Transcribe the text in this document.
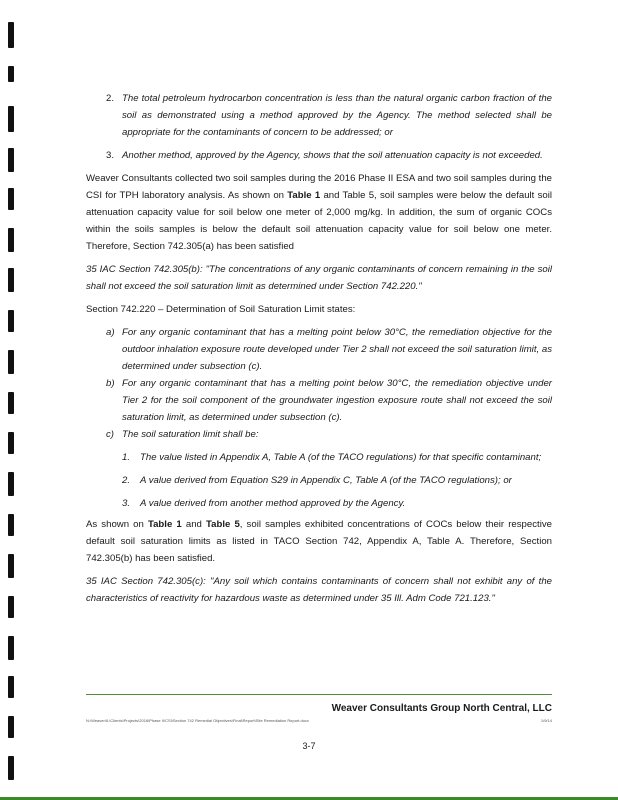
2. The total petroleum hydrocarbon concentration is less than the natural organic carbon fraction of the soil as demonstrated using a method approved by the Agency. The method selected shall be appropriate for the contaminants of concern to be addressed; or
3. Another method, approved by the Agency, shows that the soil attenuation capacity is not exceeded.

Weaver Consultants collected two soil samples during the 2016 Phase II ESA and two soil samples during the CSI for TPH laboratory analysis. As shown on Table 1 and Table 5, soil samples were below the default soil attenuation capacity value for soil below one meter of 2,000 mg/kg. In addition, the sum of organic COCs within the soils samples is below the default soil attenuation capacity value for soil below one meter. Therefore, Section 742.305(a) has been satisfied

35 IAC Section 742.305(b): "The concentrations of any organic contaminants of concern remaining in the soil shall not exceed the soil saturation limit as determined under Section 742.220."

Section 742.220 – Determination of Soil Saturation Limit states:

a) For any organic contaminant that has a melting point below 30°C, the remediation objective for the outdoor inhalation exposure route developed under Tier 2 shall not exceed the soil saturation limit, as determined under subsection (c).
b) For any organic contaminant that has a melting point below 30°C, the remediation objective under Tier 2 for the soil component of the groundwater ingestion exposure route shall not exceed the soil saturation limit, as determined under subsection (c).
c) The soil saturation limit shall be:
1.	The value listed in Appendix A, Table A (of the TACO regulations) for that specific contaminant;
2.	A value derived from Equation S29 in Appendix C, Table A (of the TACO regulations); or
3.	A value derived from another method approved by the Agency.

As shown on Table 1 and Table 5, soil samples exhibited concentrations of COCs below their respective default soil saturation limits as listed in TACO Section 742, Appendix A, Table A. Therefore, Section 742.305(b) has been satisfied.

35 IAC Section 742.305(c): "Any soil which contains contaminants of concern shall not exhibit any of the characteristics of reactivity for hazardous waste as determined under 35 Ill. Adm Code 721.123."

Weaver Consultants Group North Central, LLC
N:\Weaver\IL\Clients\Projects\2016\Phase II\CSI\Section 742 Remedial Objectives\Final\Report\Site Remediation Report.docx	1/9/14
3-7
